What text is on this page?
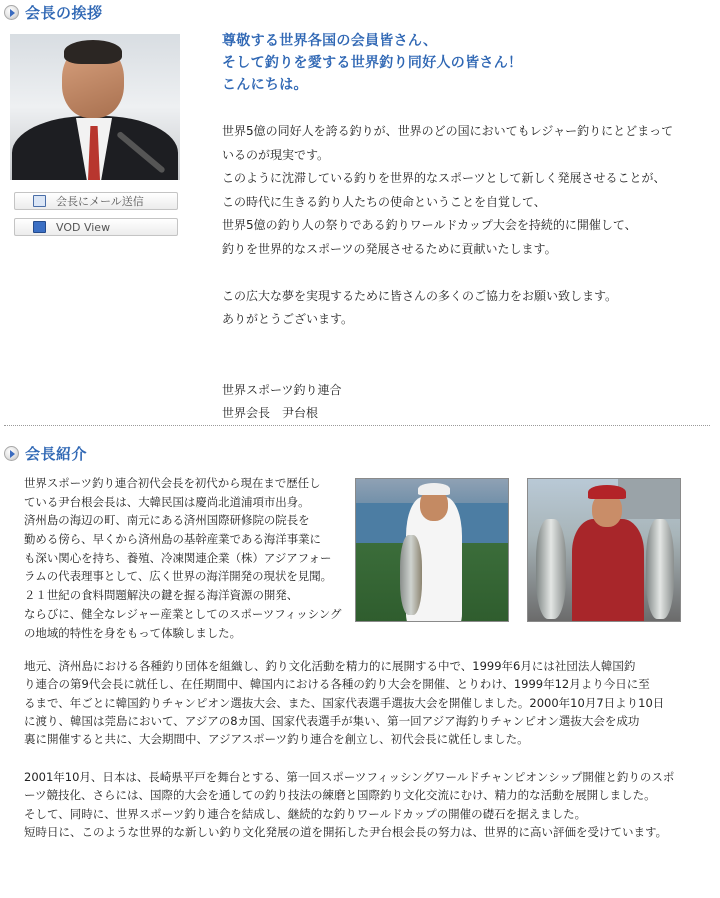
会長の挨拶
会長にメール送信
VOD View
尊敬する世界各国の会員皆さん、
そして釣りを愛する世界釣り同好人の皆さん！
こんにちは。
世界5億の同好人を誇る釣りが、世界のどの国においてもレジャー釣りにとどまって
いるのが現実です。
このように沈滞している釣りを世界的なスポーツとして新しく発展させることが、
この時代に生きる釣り人たちの使命ということを自覚して、
世界5億の釣り人の祭りである釣りワールドカップ大会を持続的に開催して、
釣りを世界的なスポーツの発展させるために貢献いたします。
この広大な夢を実現するために皆さんの多くのご協力をお願い致します。
ありがとうございます。
世界スポーツ釣り連合
世界会長　尹台根
会長紹介
世界スポーツ釣り連合初代会長を初代から現在まで歴任し
ている尹台根会長は、大韓民国は慶尚北道浦項市出身。
済州島の海辺の町、南元にある済州国際研修院の院長を
勤める傍ら、早くから済州島の基幹産業である海洋事業に
も深い関心を持ち、養殖、冷凍関連企業（株）アジアフォー
ラムの代表理事として、広く世界の海洋開発の現状を見聞。
２１世紀の食料問題解決の鍵を握る海洋資源の開発、
ならびに、健全なレジャー産業としてのスポーツフィッシング
の地域的特性を身をもって体験しました。
地元、済州島における各種釣り団体を組織し、釣り文化活動を精力的に展開する中で、1999年6月には社団法人韓国釣
り連合の第9代会長に就任し、在任期間中、韓国内における各種の釣り大会を開催、とりわけ、1999年12月より今日に至
るまで、年ごとに韓国釣りチャンピオン選抜大会、また、国家代表選手選抜大会を開催しました。2000年10月7日より10日
に渡り、韓国は莞島において、アジアの8カ国、国家代表選手が集い、第一回アジア海釣りチャンピオン選抜大会を成功
裏に開催すると共に、大会期間中、アジアスポーツ釣り連合を創立し、初代会長に就任しました。
2001年10月、日本は、長崎県平戸を舞台とする、第一回スポーツフィッシングワールドチャンピオンシップ開催と釣りのスポ
ーツ競技化、さらには、国際的大会を通しての釣り技法の練磨と国際釣り文化交流にむけ、精力的な活動を展開しました。
そして、同時に、世界スポーツ釣り連合を結成し、継続的な釣りワールドカップの開催の礎石を据えました。
短時日に、このような世界的な新しい釣り文化発展の道を開拓した尹台根会長の努力は、世界的に高い評価を受けています。
